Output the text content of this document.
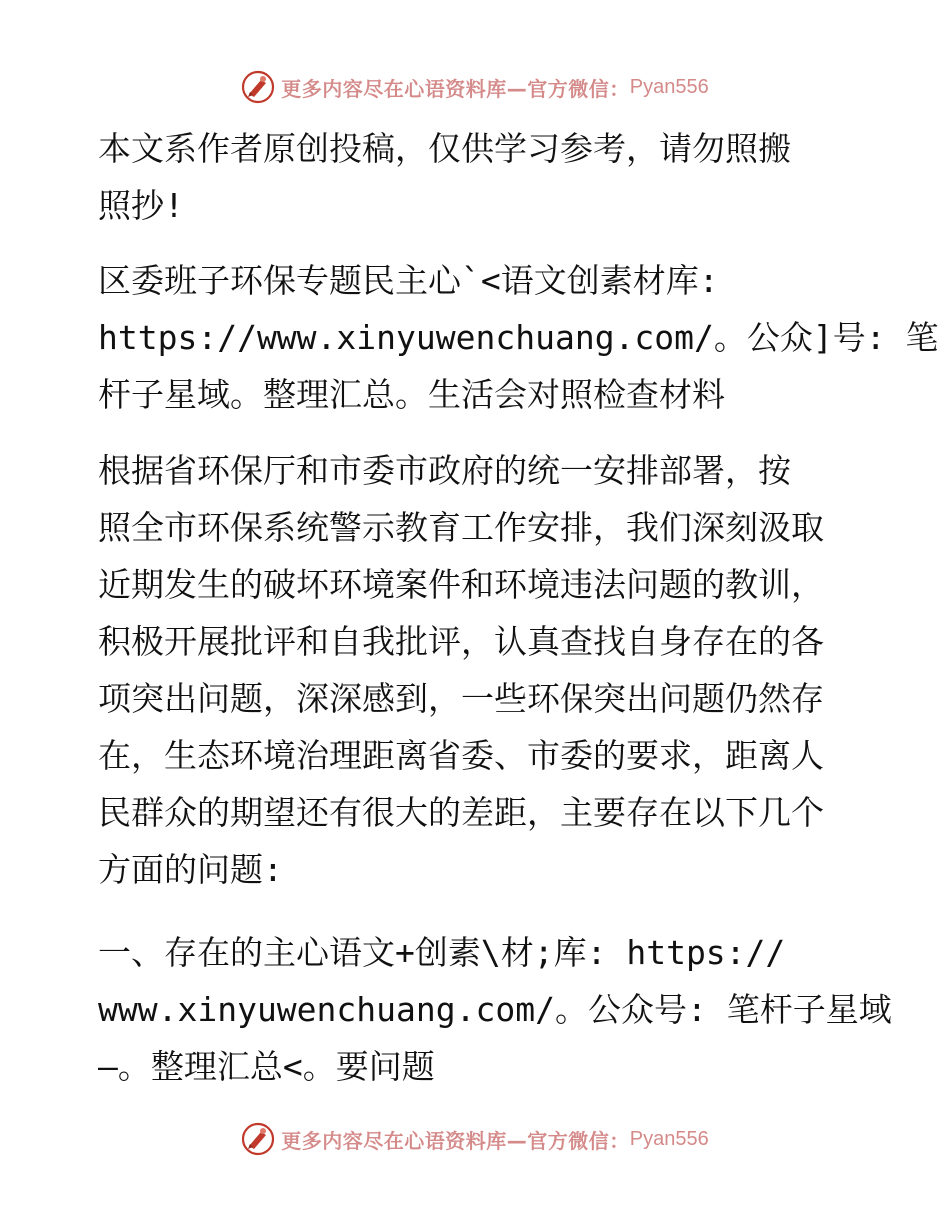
更多内容尽在心语资料库—官方微信： Pyan556
本文系作者原创投稿，仅供学习参考，请勿照搬
照抄!
区委班子环保专题民主心`<语文创素材库:
https://www.xinyuwenchuang.com/。公众]号: 笔
杆子星域。整理汇总。生活会对照检查材料
根据省环保厅和市委市政府的统一安排部署，按
照全市环保系统警示教育工作安排，我们深刻汲取
近期发生的破坏环境案件和环境违法问题的教训，
积极开展批评和自我批评，认真查找自身存在的各
项突出问题，深深感到，一些环保突出问题仍然存
在，生态环境治理距离省委、市委的要求，距离人
民群众的期望还有很大的差距，主要存在以下几个
方面的问题:
一、存在的主心语文+创素\材;库: https://
www.xinyuwenchuang.com/。公众号: 笔杆子星域
—。整理汇总<。要问题
更多内容尽在心语资料库—官方微信： Pyan556
